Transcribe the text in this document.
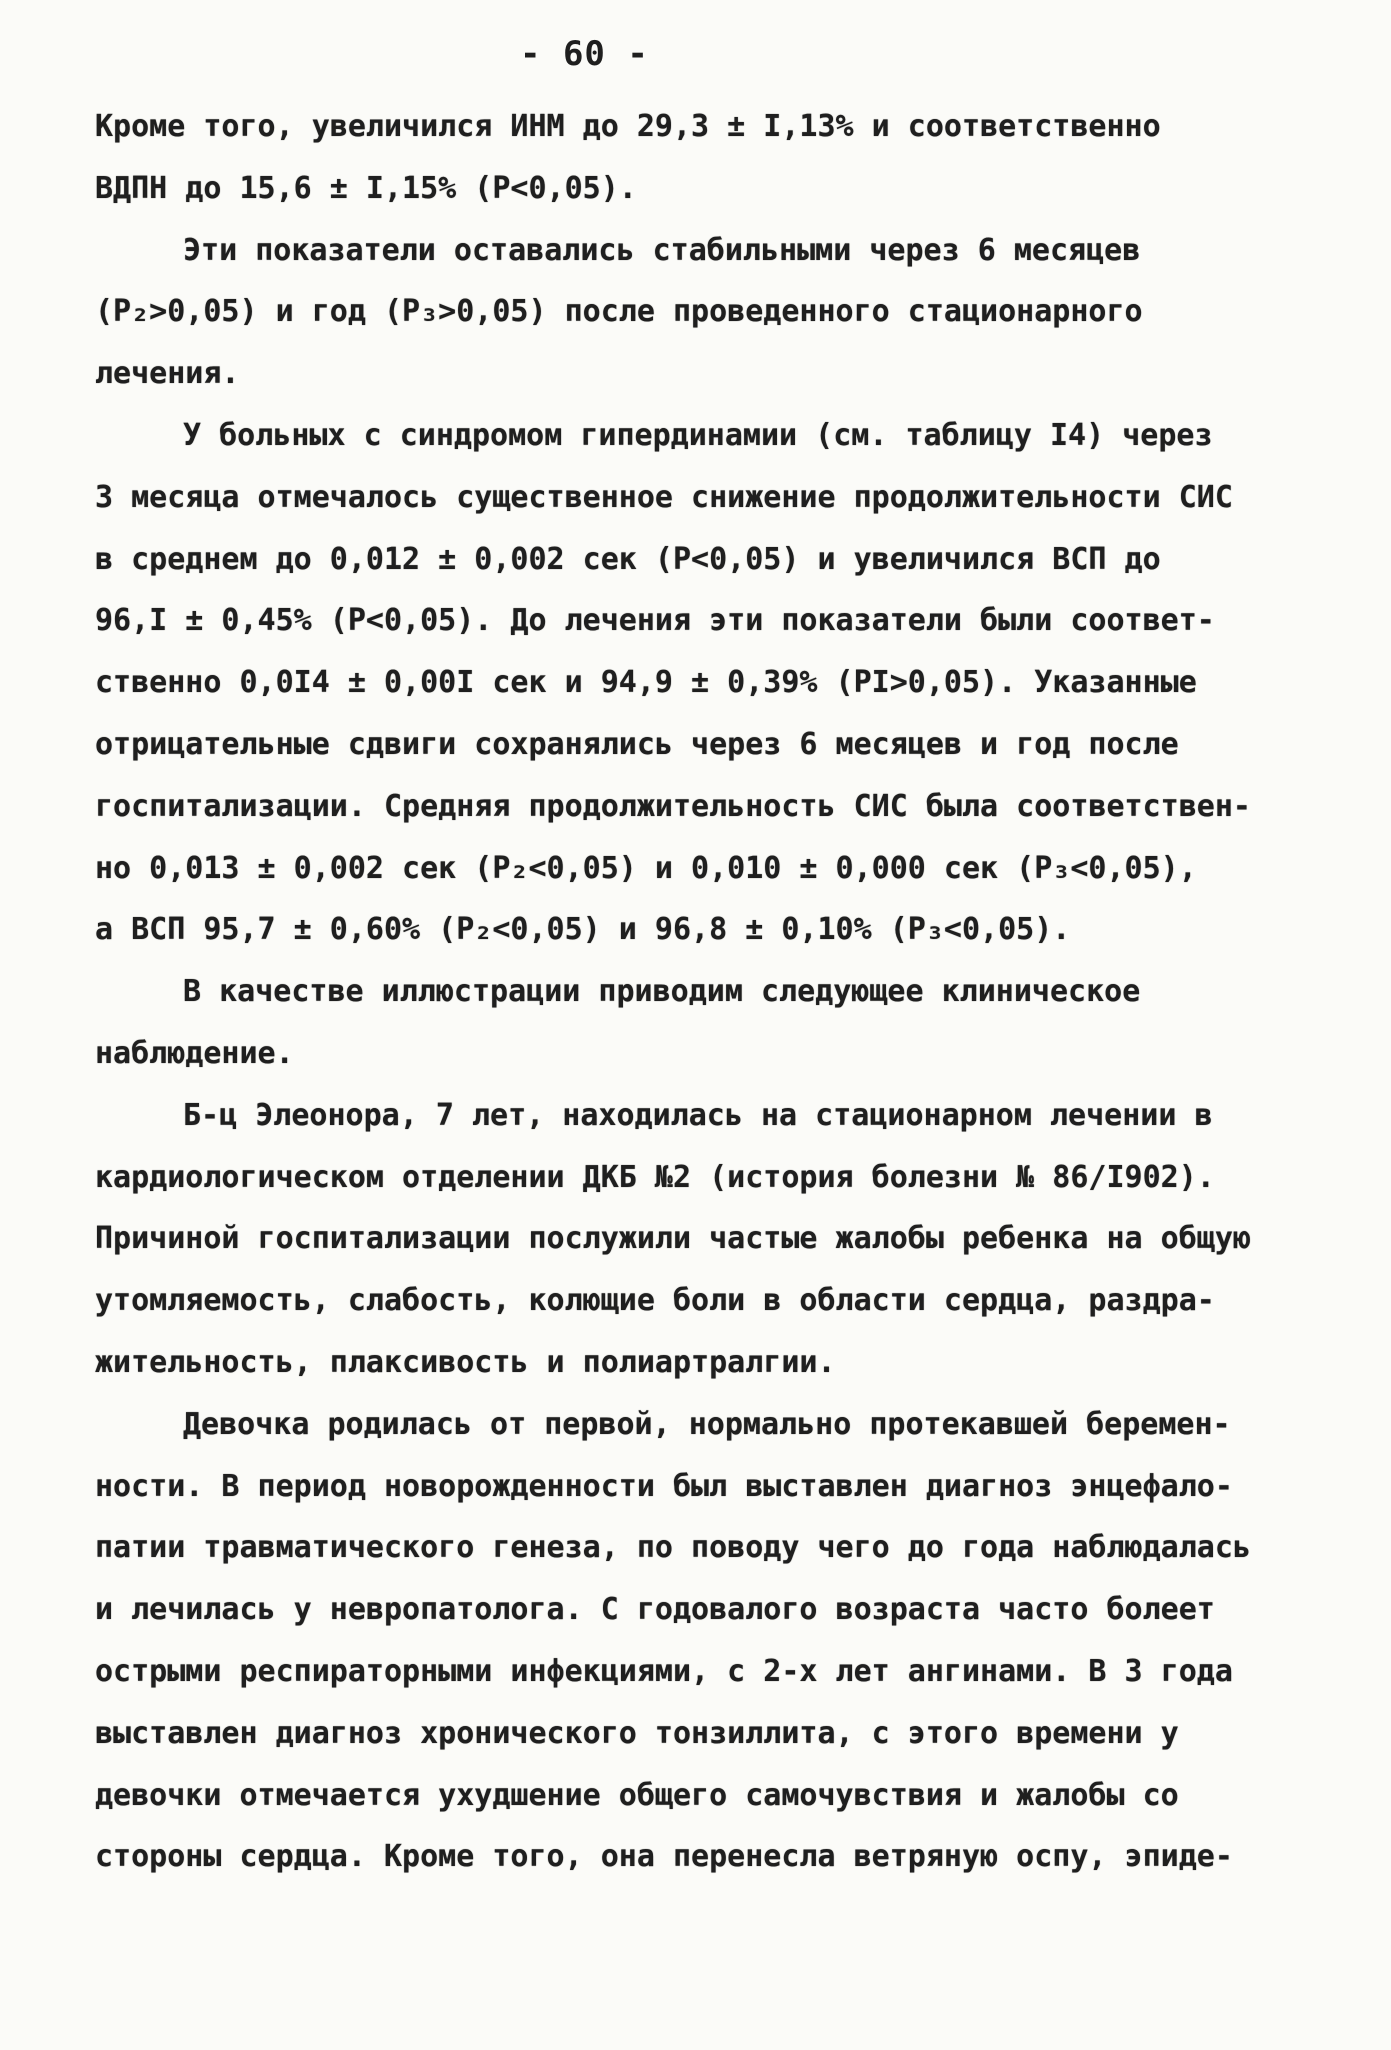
- 60 -
Кроме того, увеличился ИНМ до 29,3 ± I,13% и соответственно
ВДПН до 15,6 ± I,15% (P<0,05).
Эти показатели оставались стабильными через 6 месяцев
(P₂>0,05) и год (P₃>0,05) после проведенного стационарного
лечения.
У больных с синдромом гипердинамии (см. таблицу I4) через
3 месяца отмечалось существенное снижение продолжительности СИС
в среднем до 0,012 ± 0,002 сек (P<0,05) и увеличился ВСП до
96,I ± 0,45% (P<0,05). До лечения эти показатели были соответ-
ственно 0,0I4 ± 0,00I сек и 94,9 ± 0,39% (PI>0,05). Указанные
отрицательные сдвиги сохранялись через 6 месяцев и год после
госпитализации. Средняя продолжительность СИС была соответствен-
но 0,013 ± 0,002 сек (P₂<0,05) и 0,010 ± 0,000 сек (P₃<0,05),
а ВСП 95,7 ± 0,60% (P₂<0,05) и 96,8 ± 0,10% (P₃<0,05).
В качестве иллюстрации приводим следующее клиническое
наблюдение.
Б-ц Элеонора, 7 лет, находилась на стационарном лечении в
кардиологическом отделении ДКБ №2 (история болезни № 86/I902).
Причиной госпитализации послужили частые жалобы ребенка на общую
утомляемость, слабость, колющие боли в области сердца, раздра-
жительность, плаксивость и полиартралгии.
Девочка родилась от первой, нормально протекавшей беремен-
ности. В период новорожденности был выставлен диагноз энцефало-
патии травматического генеза, по поводу чего до года наблюдалась
и лечилась у невропатолога. С годовалого возраста часто болеет
острыми респираторными инфекциями, с 2-х лет ангинами. В 3 года
выставлен диагноз хронического тонзиллита, с этого времени у
девочки отмечается ухудшение общего самочувствия и жалобы со
стороны сердца. Кроме того, она перенесла ветряную оспу, эпиде-
